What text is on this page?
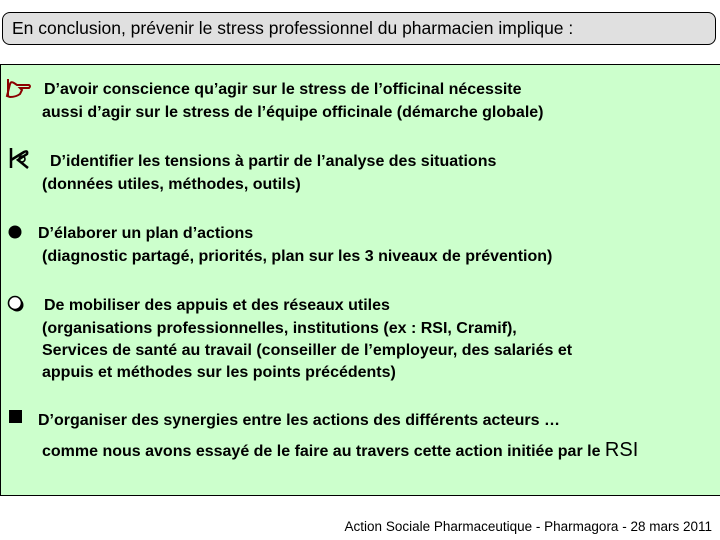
En conclusion, prévenir le stress professionnel du pharmacien implique :
D’avoir conscience qu’agir sur le stress de l’officinal nécessite
aussi d’agir sur le stress de l’équipe officinale (démarche globale)
D’identifier les tensions à partir de l’analyse des situations
(données utiles, méthodes, outils)
D’élaborer un plan d’actions
(diagnostic partagé, priorités, plan sur les 3 niveaux de prévention)
De mobiliser des appuis et des réseaux utiles
(organisations professionnelles, institutions (ex : RSI, Cramif),
Services de santé au travail (conseiller de l’employeur, des salariés et
appuis et méthodes sur les points précédents)
D’organiser des synergies entre les actions des différents acteurs …
comme nous avons essayé de le faire au travers cette action initiée par le RSI
Action Sociale Pharmaceutique - Pharmagora - 28 mars 2011
